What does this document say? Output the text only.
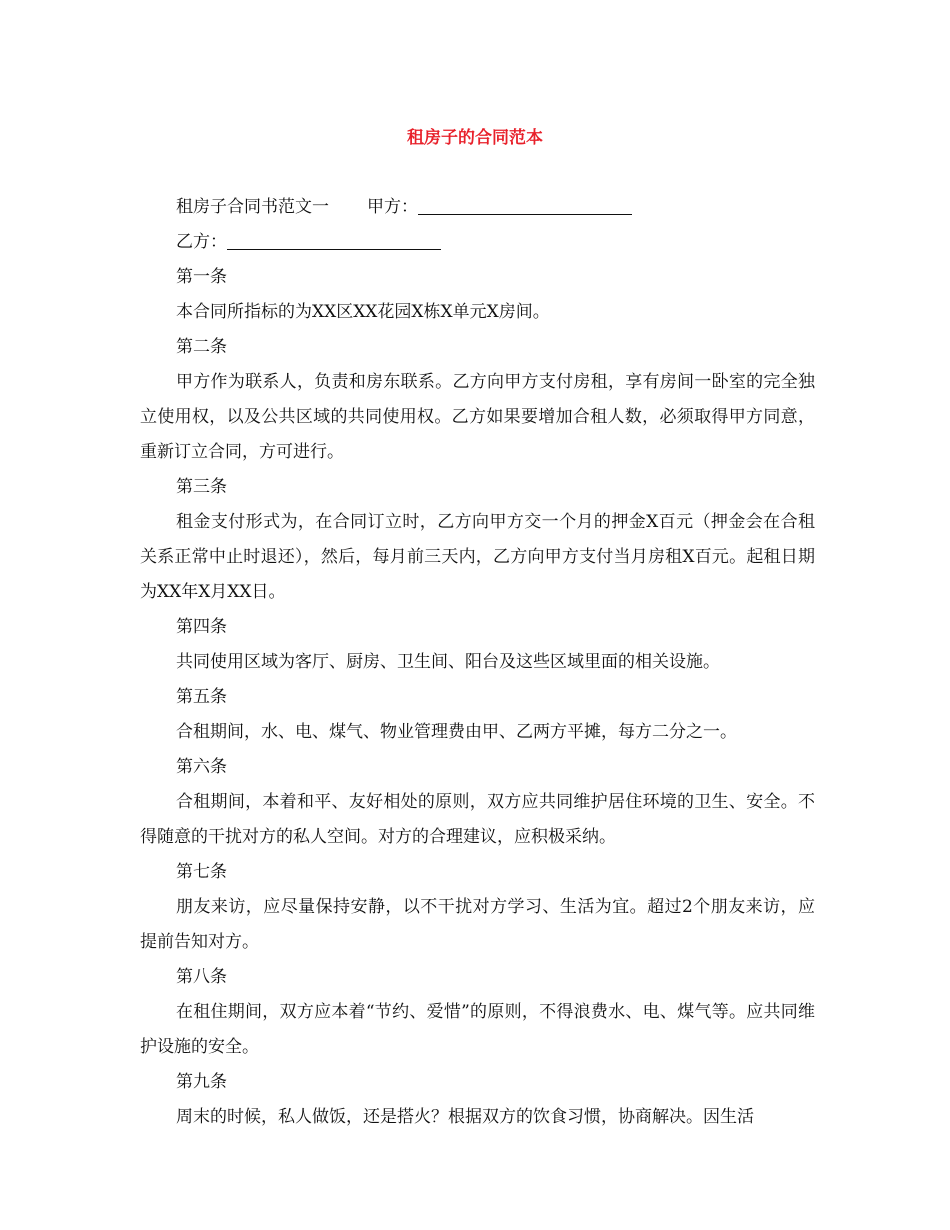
租房子的合同范本

租房子合同书范文一 甲方：

乙方：

第一条

本合同所指标的为XX区XX花园X栋X单元X房间。

第二条

甲方作为联系人，负责和房东联系。乙方向甲方支付房租，享有房间一卧室的完全独立使用权，以及公共区域的共同使用权。乙方如果要增加合租人数，必须取得甲方同意，重新订立合同，方可进行。

第三条

租金支付形式为，在合同订立时，乙方向甲方交一个月的押金X百元（押金会在合租关系正常中止时退还），然后，每月前三天内，乙方向甲方支付当月房租X百元。起租日期为XX年X月XX日。

第四条

共同使用区域为客厅、厨房、卫生间、阳台及这些区域里面的相关设施。

第五条

合租期间，水、电、煤气、物业管理费由甲、乙两方平摊，每方二分之一。

第六条

合租期间，本着和平、友好相处的原则，双方应共同维护居住环境的卫生、安全。不得随意的干扰对方的私人空间。对方的合理建议，应积极采纳。

第七条

朋友来访，应尽量保持安静，以不干扰对方学习、生活为宜。超过2个朋友来访，应提前告知对方。

第八条

在租住期间，双方应本着“节约、爱惜”的原则，不得浪费水、电、煤气等。应共同维护设施的安全。

第九条

周末的时候，私人做饭，还是搭火？根据双方的饮食习惯，协商解决。因生活
